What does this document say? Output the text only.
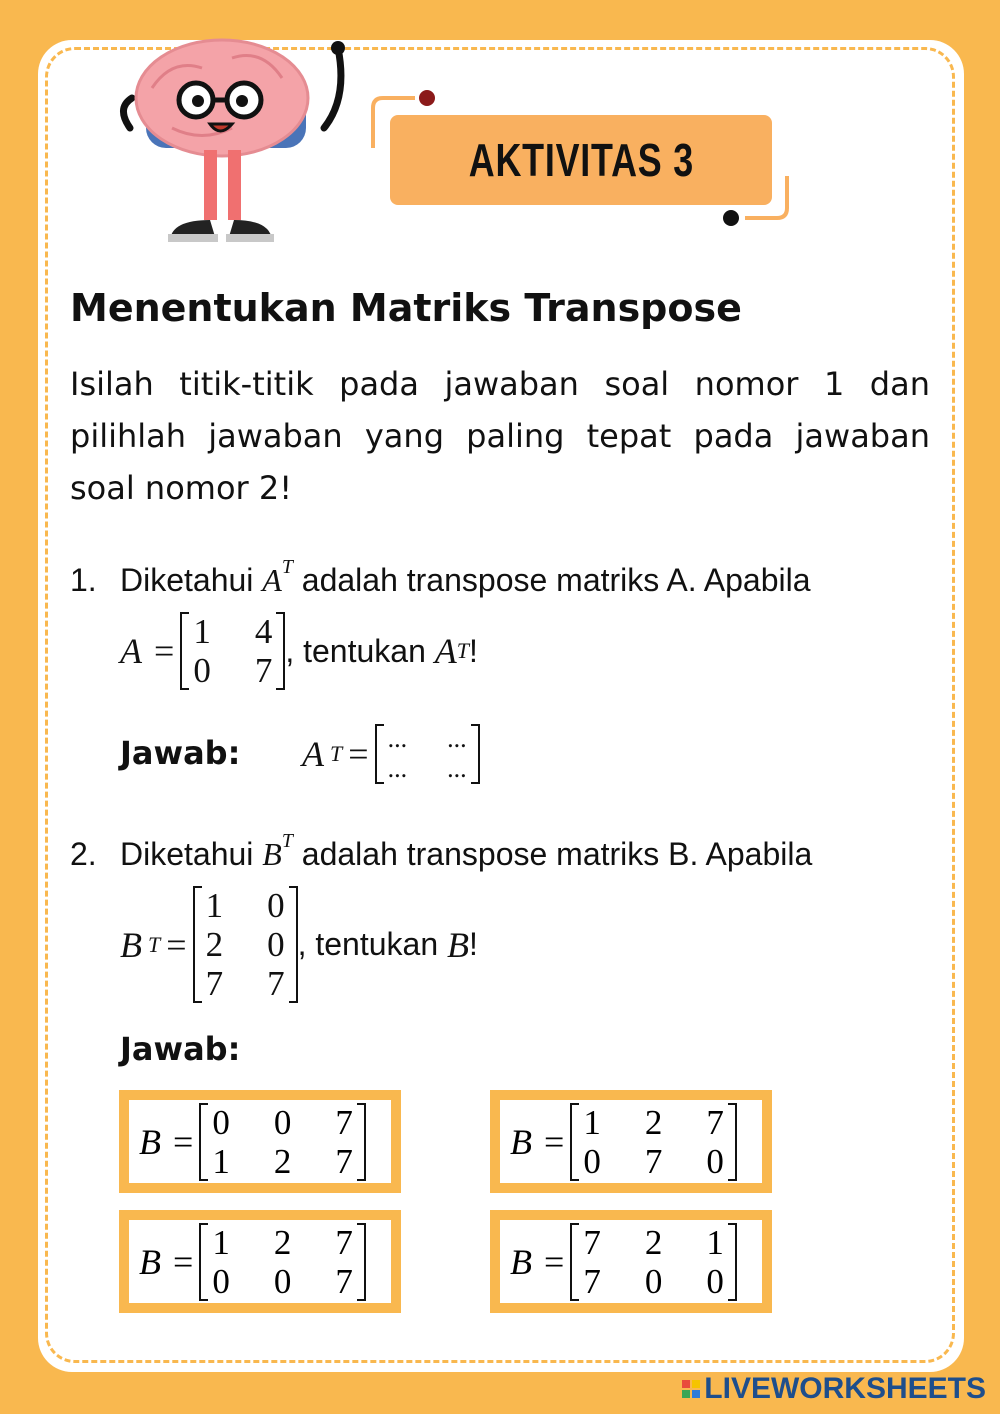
AKTIVITAS 3
Menentukan Matriks Transpose

Isilah titik-titik pada jawaban soal nomor 1 dan pilihlah jawaban yang paling tepat pada jawaban soal nomor 2!

1. Diketahui $A^T$ adalah transpose matriks A. Apabila
A = 1 4
0 7
, tentukan
A T !
Jawab: A T = ... ...
... ...
2. Diketahui $B^T$ adalah transpose matriks B. Apabila
B T =
1 0
2 0
7 7
, tentukan
B !
Jawab:
B = 0 0 7
1 2 7	B = 1 2 7
0 7 0
B = 1 2 7
0 0 7	B = 7 2 1
7 0 0
LIVEWORKSHEETS
